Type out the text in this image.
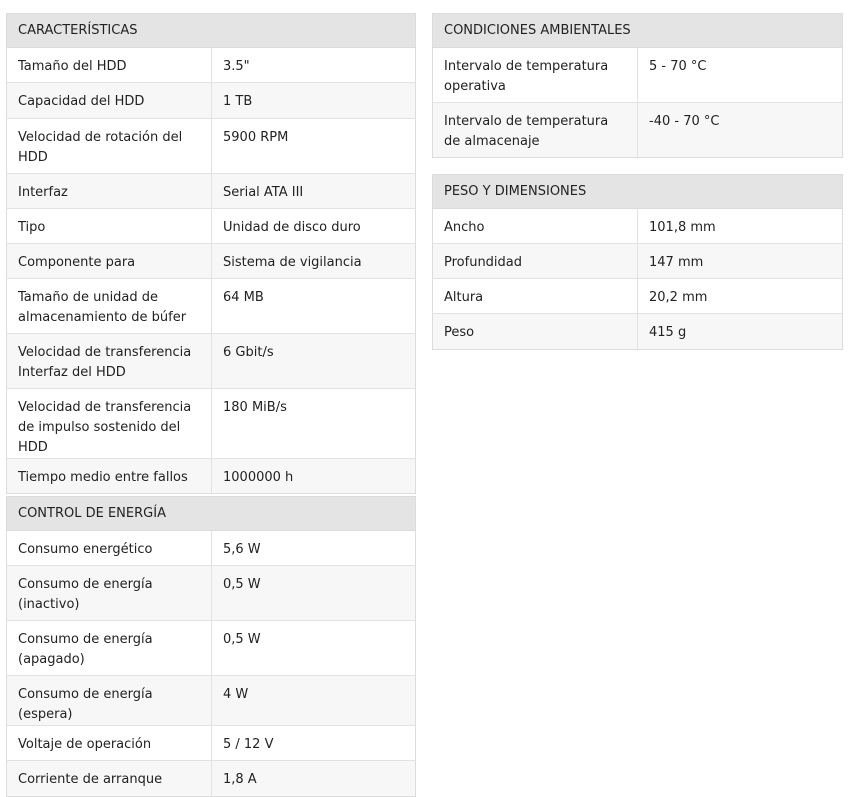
CARACTERÍSTICAS	
Tamaño del HDD	3.5"
Capacidad del HDD	1 TB
Velocidad de rotación del HDD	5900 RPM
Interfaz	Serial ATA III
Tipo	Unidad de disco duro
Componente para	Sistema de vigilancia
Tamaño de unidad de almacenamiento de búfer	64 MB
Velocidad de transferencia Interfaz del HDD	6 Gbit/s
Velocidad de transferencia de impulso sostenido del HDD	180 MiB/s
Tiempo medio entre fallos	1000000 h
CONTROL DE ENERGÍA	
Consumo energético	5,6 W
Consumo de energía (inactivo)	0,5 W
Consumo de energía (apagado)	0,5 W
Consumo de energía (espera)	4 W
Voltaje de operación	5 / 12 V
Corriente de arranque	1,8 A
CONDICIONES AMBIENTALES	
Intervalo de temperatura operativa	5 - 70 °C
Intervalo de temperatura de almacenaje	-40 - 70 °C
PESO Y DIMENSIONES	
Ancho	101,8 mm
Profundidad	147 mm
Altura	20,2 mm
Peso	415 g
